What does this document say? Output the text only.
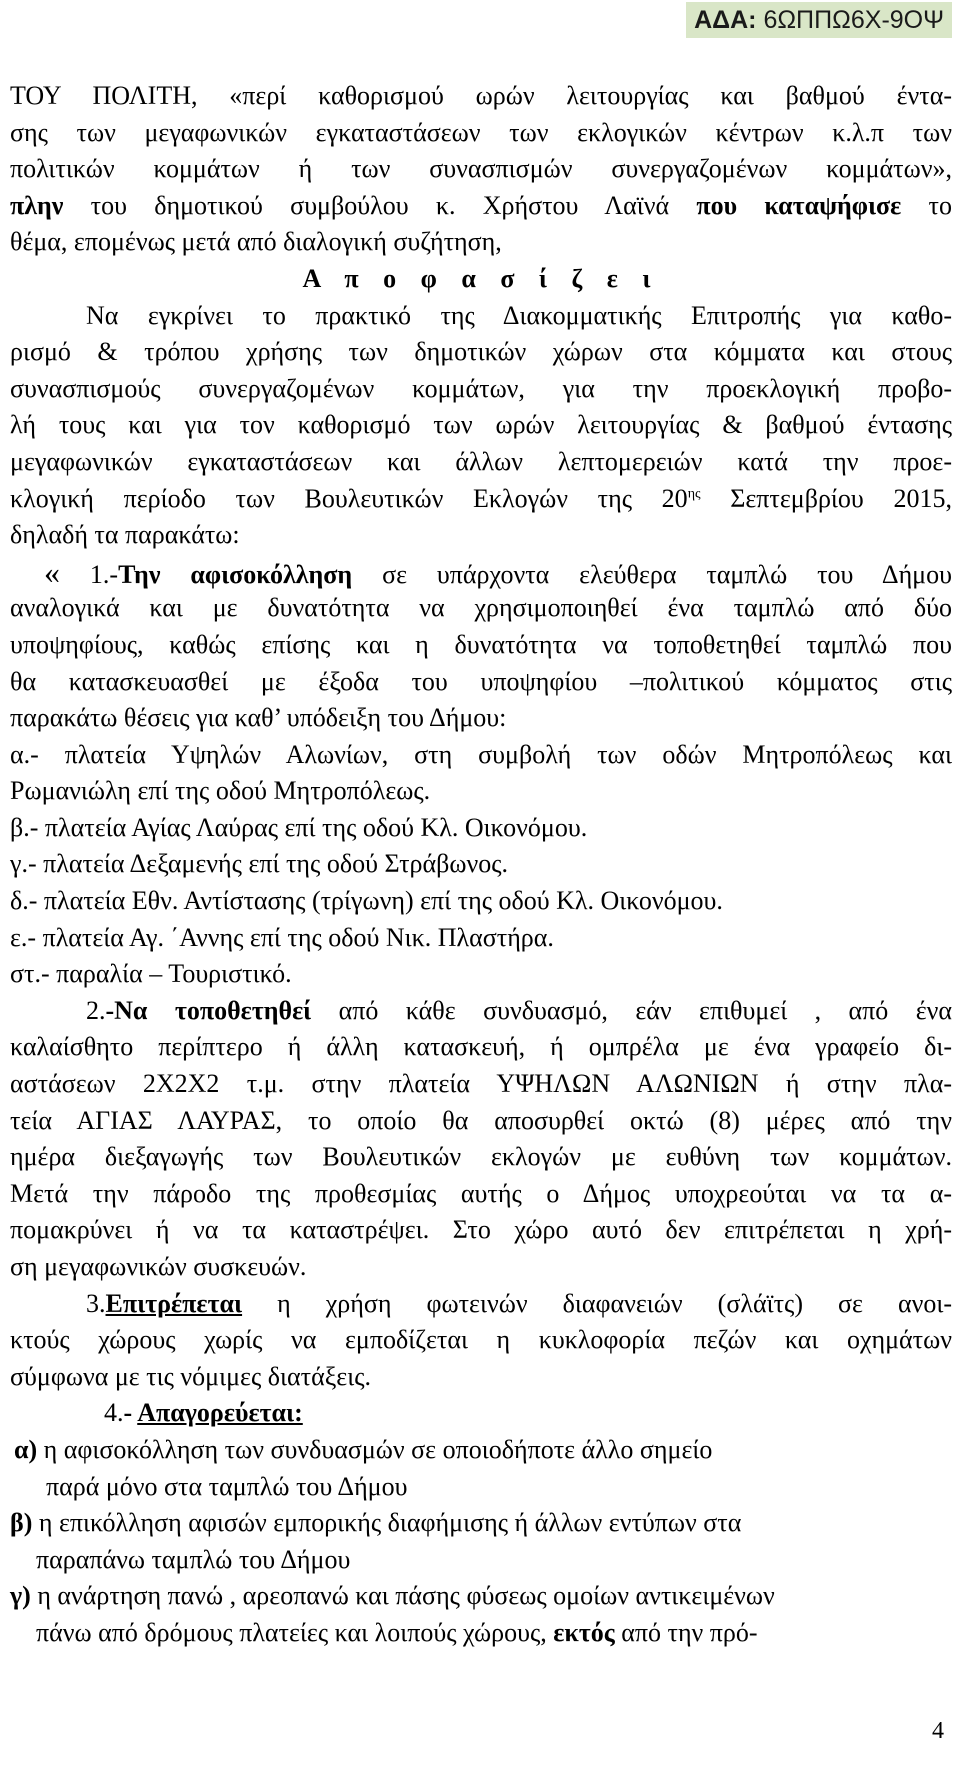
ΑΔΑ: 6ΩΠΠΩ6Χ-9ΟΨ
ΤΟΥ ΠΟΛΙΤΗ, «περί καθορισμού ωρών λειτουργίας και βαθμού έντα-
σης των μεγαφωνικών εγκαταστάσεων των εκλογικών κέντρων κ.λ.π των
πολιτικών κομμάτων ή των συνασπισμών συνεργαζομένων κομμάτων»,
πλην του δημοτικού συμβούλου κ. Χρήστου Λαϊνά που καταψήφισε το
θέμα, επομένως μετά από διαλογική συζήτηση,
Α π ο φ α σ ί ζ ε ι
Να εγκρίνει το πρακτικό της Διακομματικής Επιτροπής για καθο-
ρισμό & τρόπου χρήσης των δημοτικών χώρων στα κόμματα και στους
συνασπισμούς συνεργαζομένων κομμάτων, για την προεκλογική προβο-
λή τους και για τον καθορισμό των ωρών λειτουργίας & βαθμού έντασης
μεγαφωνικών εγκαταστάσεων και άλλων λεπτομερειών κατά την προε-
κλογική περίοδο των Βουλευτικών Εκλογών της $20^{\eta\varsigma}$ Σεπτεμβρίου 2015,
δηλαδή τα παρακάτω:
« 1.-Την αφισοκόλληση σε υπάρχοντα ελεύθερα ταμπλώ του Δήμου
αναλογικά και με δυνατότητα να χρησιμοποιηθεί ένα ταμπλώ από δύο
υποψηφίους, καθώς επίσης και η δυνατότητα να τοποθετηθεί ταμπλώ που
θα κατασκευασθεί με έξοδα του υποψηφίου –πολιτικού κόμματος στις
παρακάτω θέσεις για καθ’ υπόδειξη του Δήμου:
α.- πλατεία Υψηλών Αλωνίων, στη συμβολή των οδών Μητροπόλεως και
Ρωμανιώλη επί της οδού Μητροπόλεως.
β.- πλατεία Αγίας Λαύρας επί της οδού Κλ. Οικονόμου.
γ.- πλατεία Δεξαμενής επί της οδού Στράβωνος.
δ.- πλατεία Εθν. Αντίστασης (τρίγωνη) επί της οδού Κλ. Οικονόμου.
ε.- πλατεία Αγ. ΄Αννης επί της οδού Νικ. Πλαστήρα.
στ.- παραλία – Τουριστικό.
2.-Να τοποθετηθεί από κάθε συνδυασμό, εάν επιθυμεί , από ένα
καλαίσθητο περίπτερο ή άλλη κατασκευή, ή ομπρέλα με ένα γραφείο δι-
αστάσεων 2Χ2Χ2 τ.μ. στην πλατεία ΥΨΗΛΩΝ ΑΛΩΝΙΩΝ ή στην πλα-
τεία ΑΓΙΑΣ ΛΑΥΡΑΣ, το οποίο θα αποσυρθεί οκτώ (8) μέρες από την
ημέρα διεξαγωγής των Βουλευτικών εκλογών με ευθύνη των κομμάτων.
Μετά την πάροδο της προθεσμίας αυτής ο Δήμος υποχρεούται να τα α-
πομακρύνει ή να τα καταστρέψει. Στο χώρο αυτό δεν επιτρέπεται η χρή-
ση μεγαφωνικών συσκευών.
3.Επιτρέπεται η χρήση φωτεινών διαφανειών (σλάϊτς) σε ανοι-
κτούς χώρους χωρίς να εμποδίζεται η κυκλοφορία πεζών και οχημάτων
σύμφωνα με τις νόμιμες διατάξεις.
4.- Απαγορεύεται:
α) η αφισοκόλληση των συνδυασμών σε οποιοδήποτε άλλο σημείο
παρά μόνο στα ταμπλώ του Δήμου
β) η επικόλληση αφισών εμπορικής διαφήμισης ή άλλων εντύπων στα
παραπάνω ταμπλώ του Δήμου
γ) η ανάρτηση πανώ , αρεοπανώ και πάσης φύσεως ομοίων αντικειμένων
πάνω από δρόμους πλατείες και λοιπούς χώρους, εκτός από την πρό-
4
